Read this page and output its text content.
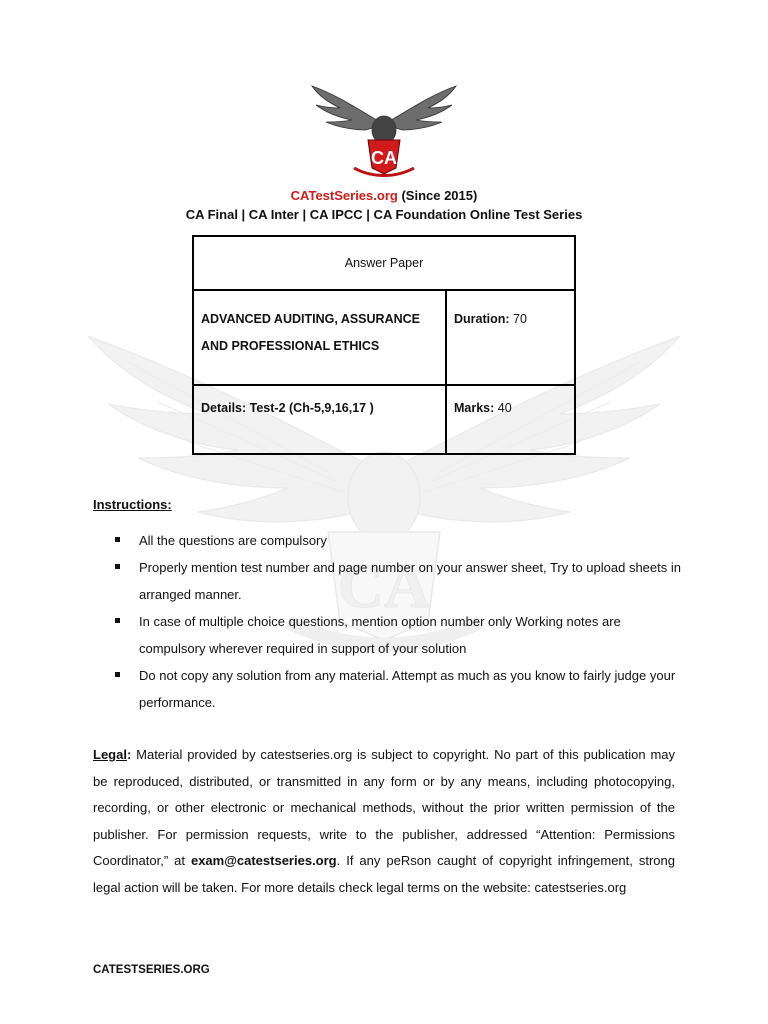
CA
CA
CATestSeries.org (Since 2015)
CA Final | CA Inter | CA IPCC | CA Foundation Online Test Series
Answer Paper	
ADVANCED AUDITING, ASSURANCE AND PROFESSIONAL ETHICS	Duration: 70
Details: Test-2 (Ch-5,9,16,17 )	Marks: 40
Instructions:
All the questions are compulsory
Properly mention test number and page number on your answer sheet, Try to upload sheets in arranged manner.
In case of multiple choice questions, mention option number only Working notes are compulsory wherever required in support of your solution
Do not copy any solution from any material. Attempt as much as you know to fairly judge your performance.
Legal: Material provided by catestseries.org is subject to copyright. No part of this publication may be reproduced, distributed, or transmitted in any form or by any means, including photocopying, recording, or other electronic or mechanical methods, without the prior written permission of the publisher. For permission requests, write to the publisher, addressed “Attention: Permissions Coordinator,” at exam@catestseries.org. If any peRson caught of copyright infringement, strong legal action will be taken. For more details check legal terms on the website: catestseries.org
CATESTSERIES.ORG
